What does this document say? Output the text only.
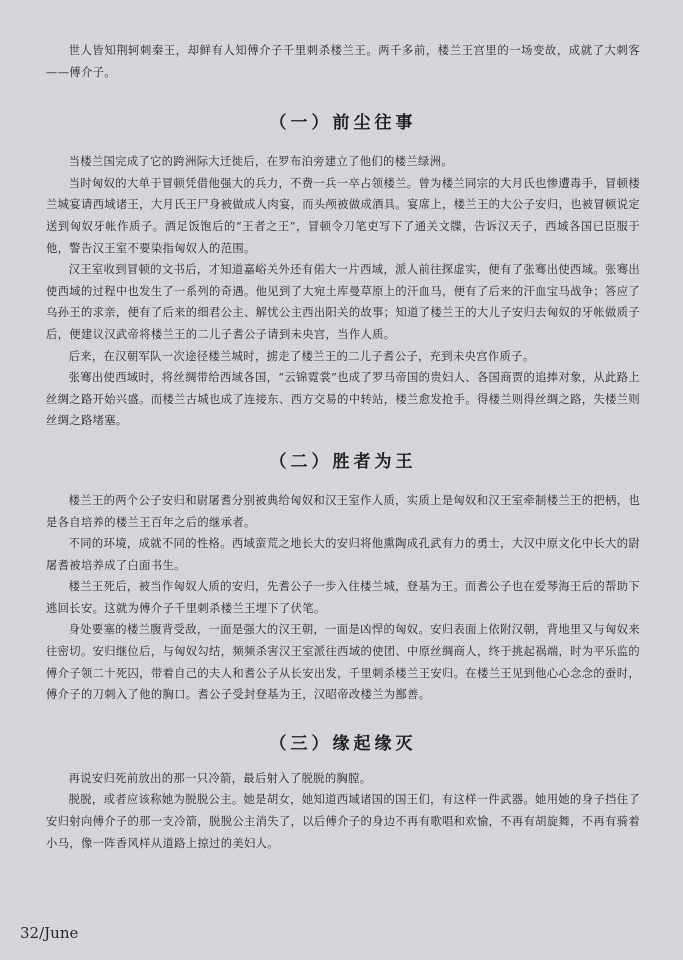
世人皆知荆轲刺秦王，却鲜有人知傅介子千里刺杀楼兰王。两千多前，楼兰王宫里的一场变故，成就了大刺客——傅介子。

（一）前尘往事

当楼兰国完成了它的跨洲际大迁徙后，在罗布泊旁建立了他们的楼兰绿洲。

当时匈奴的大单于冒顿凭借他强大的兵力，不费一兵一卒占领楼兰。曾为楼兰同宗的大月氏也惨遭毒手，冒顿楼兰城宴请西域诸王，大月氏王尸身被做成人肉宴，而头颅被做成酒具。宴席上，楼兰王的大公子安归，也被冒顿说定送到匈奴牙帐作质子。酒足饭饱后的“王者之王”，冒顿令刀笔吏写下了通关文牒，告诉汉天子，西域各国已臣服于他，警告汉王室不要染指匈奴人的范围。

汉王室收到冒顿的文书后，才知道嘉峪关外还有偌大一片西域，派人前往探虚实，便有了张骞出使西域。张骞出使西域的过程中也发生了一系列的奇遇。他见到了大宛土库曼草原上的汗血马，便有了后来的汗血宝马战争；答应了乌孙王的求亲，便有了后来的细君公主、解忧公主西出阳关的故事；知道了楼兰王的大儿子安归去匈奴的牙帐做质子后，便建议汉武帝将楼兰王的二儿子耆公子请到未央宫，当作人质。

后来，在汉朝军队一次途径楼兰城时，掳走了楼兰王的二儿子耆公子，充到未央宫作质子。

张骞出使西域时，将丝绸带给西域各国，“云锦霓裳”也成了罗马帝国的贵妇人、各国商贾的追捧对象，从此路上丝绸之路开始兴盛。而楼兰古城也成了连接东、西方交易的中转站，楼兰愈发抢手。得楼兰则得丝绸之路，失楼兰则丝绸之路堵塞。

（二）胜者为王

楼兰王的两个公子安归和尉屠耆分别被典给匈奴和汉王室作人质，实质上是匈奴和汉王室牵制楼兰王的把柄，也是各自培养的楼兰王百年之后的继承者。

不同的环境，成就不同的性格。西域蛮荒之地长大的安归将他熏陶成孔武有力的勇士，大汉中原文化中长大的尉屠耆被培养成了白面书生。

楼兰王死后，被当作匈奴人质的安归，先耆公子一步入住楼兰城，登基为王。而耆公子也在爱琴海王后的帮助下逃回长安。这就为傅介子千里刺杀楼兰王埋下了伏笔。

身处要塞的楼兰腹背受敌，一面是强大的汉王朝，一面是凶悍的匈奴。安归表面上依附汉朝，背地里又与匈奴来往密切。安归继位后，与匈奴勾结，频频杀害汉王室派往西域的使团、中原丝绸商人，终于挑起祸端，时为平乐监的傅介子领二十死囚，带着自己的夫人和耆公子从长安出发，千里刺杀楼兰王安归。在楼兰王见到他心心念念的蚕时，傅介子的刀刺入了他的胸口。耆公子受封登基为王，汉昭帝改楼兰为鄯善。

（三）缘起缘灭

再说安归死前放出的那一只冷箭，最后射入了脱脱的胸膛。

脱脱，或者应该称她为脱脱公主。她是胡女，她知道西域诸国的国王们，有这样一件武器。她用她的身子挡住了安归射向傅介子的那一支冷箭，脱脱公主消失了，以后傅介子的身边不再有歌唱和欢愉，不再有胡旋舞，不再有骑着小马，像一阵香风样从道路上掠过的美妇人。

32/June
